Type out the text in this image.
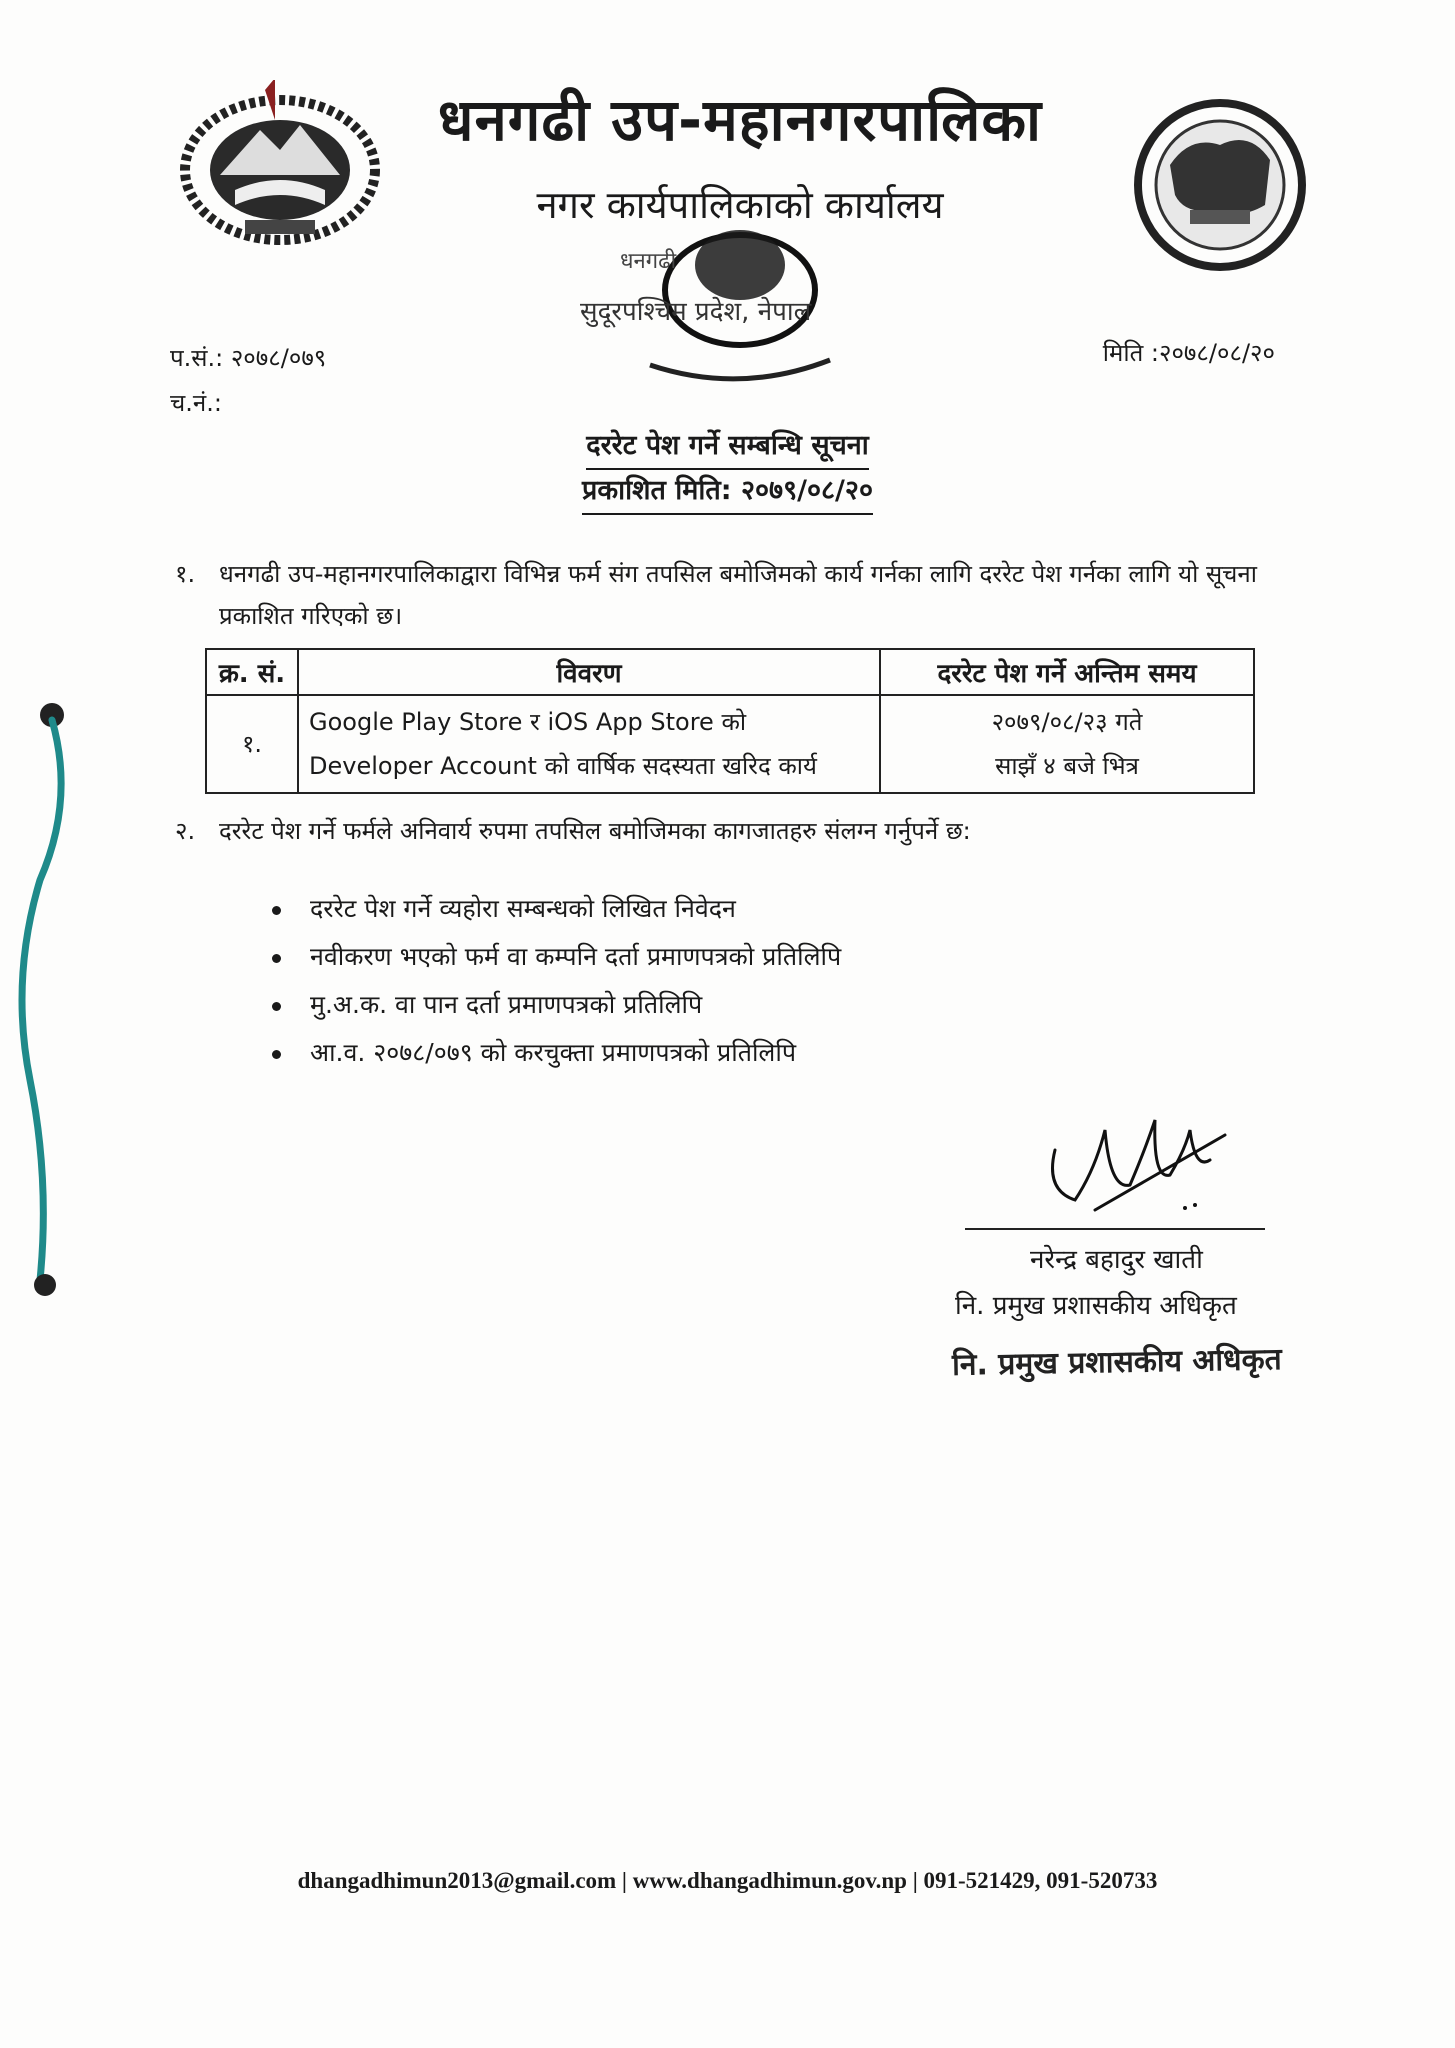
धनगढी उप-महानगरपालिका
नगर कार्यपालिकाको कार्यालय
धनगढी
सुदूरपश्चिम प्रदेश, नेपाल
प.सं.: २०७८/०७९
च.नं.:
मिति :२०७८/०८/२०
दररेट पेश गर्ने सम्बन्धि सूचना
प्रकाशित मिति: २०७९/०८/२०
१. धनगढी उप-महानगरपालिकाद्वारा विभिन्न फर्म संग तपसिल बमोजिमको कार्य गर्नका लागि दररेट पेश गर्नका लागि यो सूचना प्रकाशित गरिएको छ।
क्र. सं.	विवरण	दररेट पेश गर्ने अन्तिम समय
१.	Google Play Store र iOS App Store को Developer Account को वार्षिक सदस्यता खरिद कार्य	२०७९/०८/२३ गते
साझँ ४ बजे भित्र
२. दररेट पेश गर्ने फर्मले अनिवार्य रुपमा तपसिल बमोजिमका कागजातहरु संलग्न गर्नुपर्ने छ:
दररेट पेश गर्ने व्यहोरा सम्बन्धको लिखित निवेदन
नवीकरण भएको फर्म वा कम्पनि दर्ता प्रमाणपत्रको प्रतिलिपि
मु.अ.क. वा पान दर्ता प्रमाणपत्रको प्रतिलिपि
आ.व. २०७८/०७९ को करचुक्ता प्रमाणपत्रको प्रतिलिपि
नरेन्द्र बहादुर खाती
नि. प्रमुख प्रशासकीय अधिकृत
नि. प्रमुख प्रशासकीय अधिकृत
dhangadhimun2013@gmail.com | www.dhangadhimun.gov.np | 091-521429, 091-520733
